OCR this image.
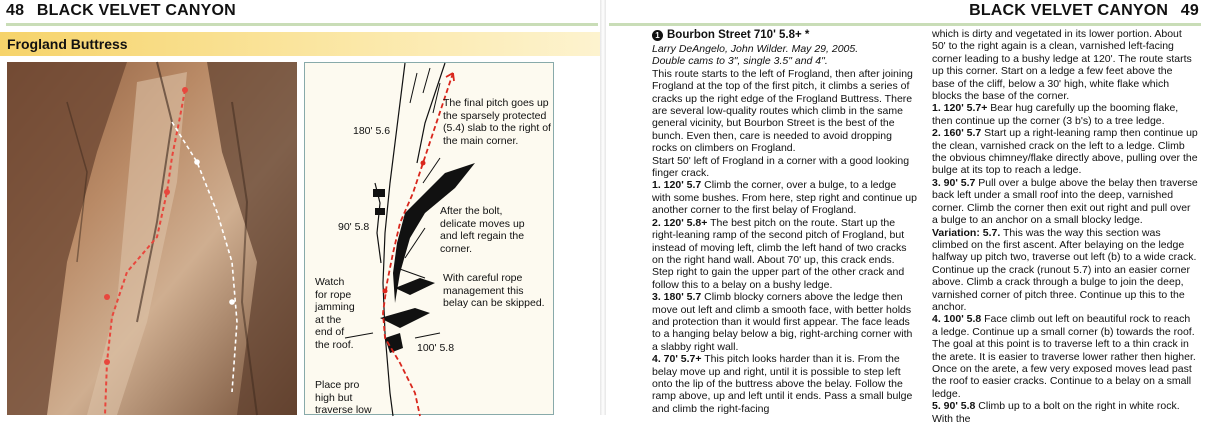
48 BLACK VELVET CANYON
Frogland Buttress
180' 5.6
The final pitch goes up the sparsely protected (5.4) slab to the right of the main corner.
After the bolt, delicate moves up and left regain the corner.
90' 5.8
With careful rope management this belay can be skipped.
Watch for rope jamming at the end of the roof.	100' 5.8
Place pro high but traverse low
BLACK VELVET CANYON 49
1 Bourbon Street 710' 5.8+ *

Larry DeAngelo, John Wilder. May 29, 2005.

Double cams to 3", single 3.5" and 4".

This route starts to the left of Frogland, then after joining Frogland at the top of the first pitch, it climbs a series of cracks up the right edge of the Frogland Buttress. There are several low-quality routes which climb in the same general vicinity, but Bourbon Street is the best of the bunch. Even then, care is needed to avoid dropping rocks on climbers on Frogland.

Start 50' left of Frogland in a corner with a good looking finger crack.

1. 120' 5.7 Climb the corner, over a bulge, to a ledge with some bushes. From here, step right and continue up another corner to the first belay of Frogland.

2. 120' 5.8+ The best pitch on the route. Start up the right-leaning ramp of the second pitch of Frogland, but instead of moving left, climb the left hand of two cracks on the right hand wall. About 70' up, this crack ends. Step right to gain the upper part of the other crack and follow this to a belay on a bushy ledge.

3. 180' 5.7 Climb blocky corners above the ledge then move out left and climb a smooth face, with better holds and protection than it would first appear. The face leads to a hanging belay below a big, right-arching corner with a slabby right wall.

4. 70' 5.7+ This pitch looks harder than it is. From the belay move up and right, until it is possible to step left onto the lip of the buttress above the belay. Follow the ramp above, up and left until it ends. Pass a small bulge and climb the right-facing

which is dirty and vegetated in its lower portion. About 50' to the right again is a clean, varnished left-facing corner leading to a bushy ledge at 120'. The route starts up this corner. Start on a ledge a few feet above the base of the cliff, below a 30' high, white flake which blocks the base of the corner.

1. 120' 5.7+ Bear hug carefully up the booming flake, then continue up the corner (3 b's) to a tree ledge.

2. 160' 5.7 Start up a right-leaning ramp then continue up the clean, varnished crack on the left to a ledge. Climb the obvious chimney/flake directly above, pulling over the bulge at its top to reach a ledge.

3. 90' 5.7 Pull over a bulge above the belay then traverse back left under a small roof into the deep, varnished corner. Climb the corner then exit out right and pull over a bulge to an anchor on a small blocky ledge.

Variation: 5.7. This was the way this section was climbed on the first ascent. After belaying on the ledge halfway up pitch two, traverse out left (b) to a wide crack. Continue up the crack (runout 5.7) into an easier corner above. Climb a crack through a bulge to join the deep, varnished corner of pitch three. Continue up this to the anchor.

4. 100' 5.8 Face climb out left on beautiful rock to reach a ledge. Continue up a small corner (b) towards the roof. The goal at this point is to traverse left to a thin crack in the arete. It is easier to traverse lower rather then higher. Once on the arete, a few very exposed moves lead past the roof to easier cracks. Continue to a belay on a small ledge.

5. 90' 5.8 Climb up to a bolt on the right in white rock. With the
